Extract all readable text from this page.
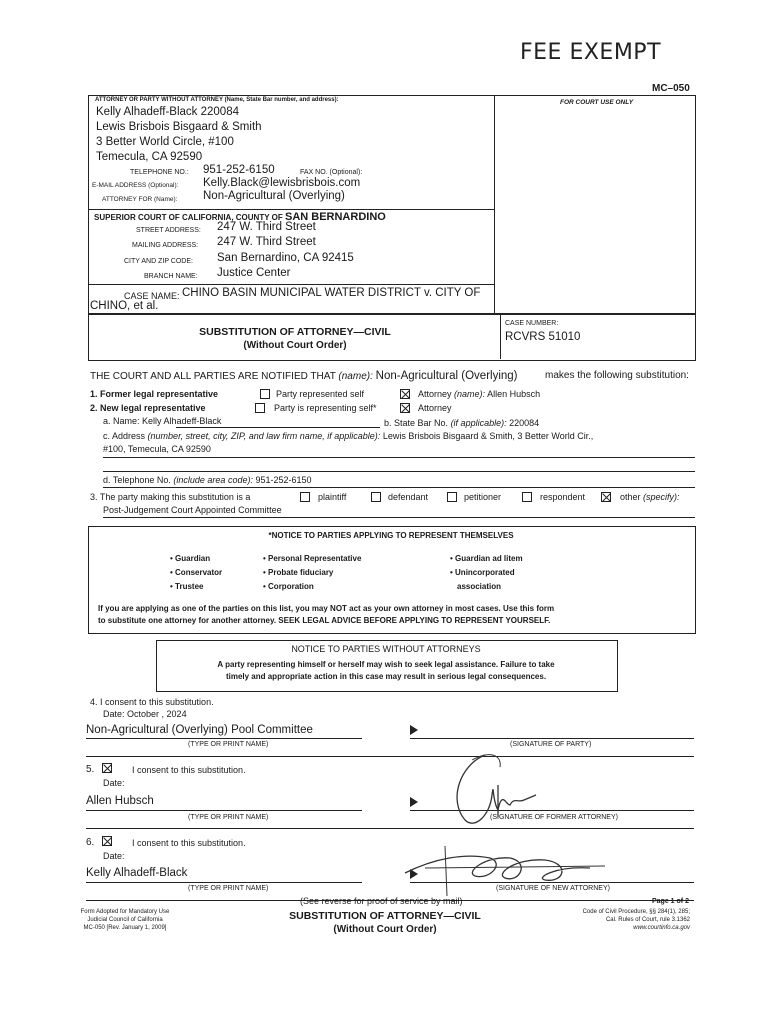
FEE EXEMPT
MC–050
ATTORNEY OR PARTY WITHOUT ATTORNEY (Name, State Bar number, and address):	FOR COURT USE ONLY
Kelly Alhadeff-Black 220084
Lewis Brisbois Bisgaard & Smith
3 Better World Circle, #100
Temecula, CA 92590
TELEPHONE NO.: 951-252-6150	FAX NO. (Optional):
E-MAIL ADDRESS (Optional): Kelly.Black@lewisbrisbois.com
ATTORNEY FOR (Name): Non-Agricultural (Overlying)
SUPERIOR COURT OF CALIFORNIA, COUNTY OF SAN BERNARDINO
STREET ADDRESS: 247 W. Third Street
MAILING ADDRESS: 247 W. Third Street
CITY AND ZIP CODE: San Bernardino, CA 92415
BRANCH NAME: Justice Center
CASE NAME: CHINO BASIN MUNICIPAL WATER DISTRICT v. CITY OF
CHINO, et al.
SUBSTITUTION OF ATTORNEY—CIVIL
(Without Court Order)
CASE NUMBER:
RCVRS 51010
THE COURT AND ALL PARTIES ARE NOTIFIED THAT (name): Non-Agricultural (Overlying)	makes the following substitution:
1. Former legal representative	Party represented self	Attorney (name): Allen Hubsch
2. New legal representative	Party is representing self*	Attorney
a. Name: Kelly Alhadeff-Black	b. State Bar No. (if applicable): 220084
c. Address (number, street, city, ZIP, and law firm name, if applicable): Lewis Brisbois Bisgaard & Smith, 3 Better World Cir.,
#100, Temecula, CA 92590
d. Telephone No. (include area code): 951-252-6150
3. The party making this substitution is a	plaintiff	defendant	petitioner	respondent	other (specify):
Post-Judgement Court Appointed Committee
*NOTICE TO PARTIES APPLYING TO REPRESENT THEMSELVES
• Guardian
• Conservator
• Trustee
• Personal Representative
• Probate fiduciary
• Corporation
• Guardian ad litem
• Unincorporated
association
If you are applying as one of the parties on this list, you may NOT act as your own attorney in most cases. Use this form
to substitute one attorney for another attorney. SEEK LEGAL ADVICE BEFORE APPLYING TO REPRESENT YOURSELF.
NOTICE TO PARTIES WITHOUT ATTORNEYS
A party representing himself or herself may wish to seek legal assistance. Failure to take
timely and appropriate action in this case may result in serious legal consequences.
4. I consent to this substitution.
Date: October , 2024
Non-Agricultural (Overlying) Pool Committee
(TYPE OR PRINT NAME)	(SIGNATURE OF PARTY)
5.	I consent to this substitution.
Date:
Allen Hubsch
(TYPE OR PRINT NAME)	(SIGNATURE OF FORMER ATTORNEY)
6.	I consent to this substitution.
Date:
Kelly Alhadeff-Black
(TYPE OR PRINT NAME)	(SIGNATURE OF NEW ATTORNEY)
(See reverse for proof of service by mail)	Page 1 of 2
Form Adopted for Mandatory Use
Judicial Council of California
MC-050 [Rev. January 1, 2009]
SUBSTITUTION OF ATTORNEY—CIVIL
(Without Court Order)
Code of Civil Procedure, §§ 284(1), 285;
Cal. Rules of Court, rule 3.1362
www.courtinfo.ca.gov
